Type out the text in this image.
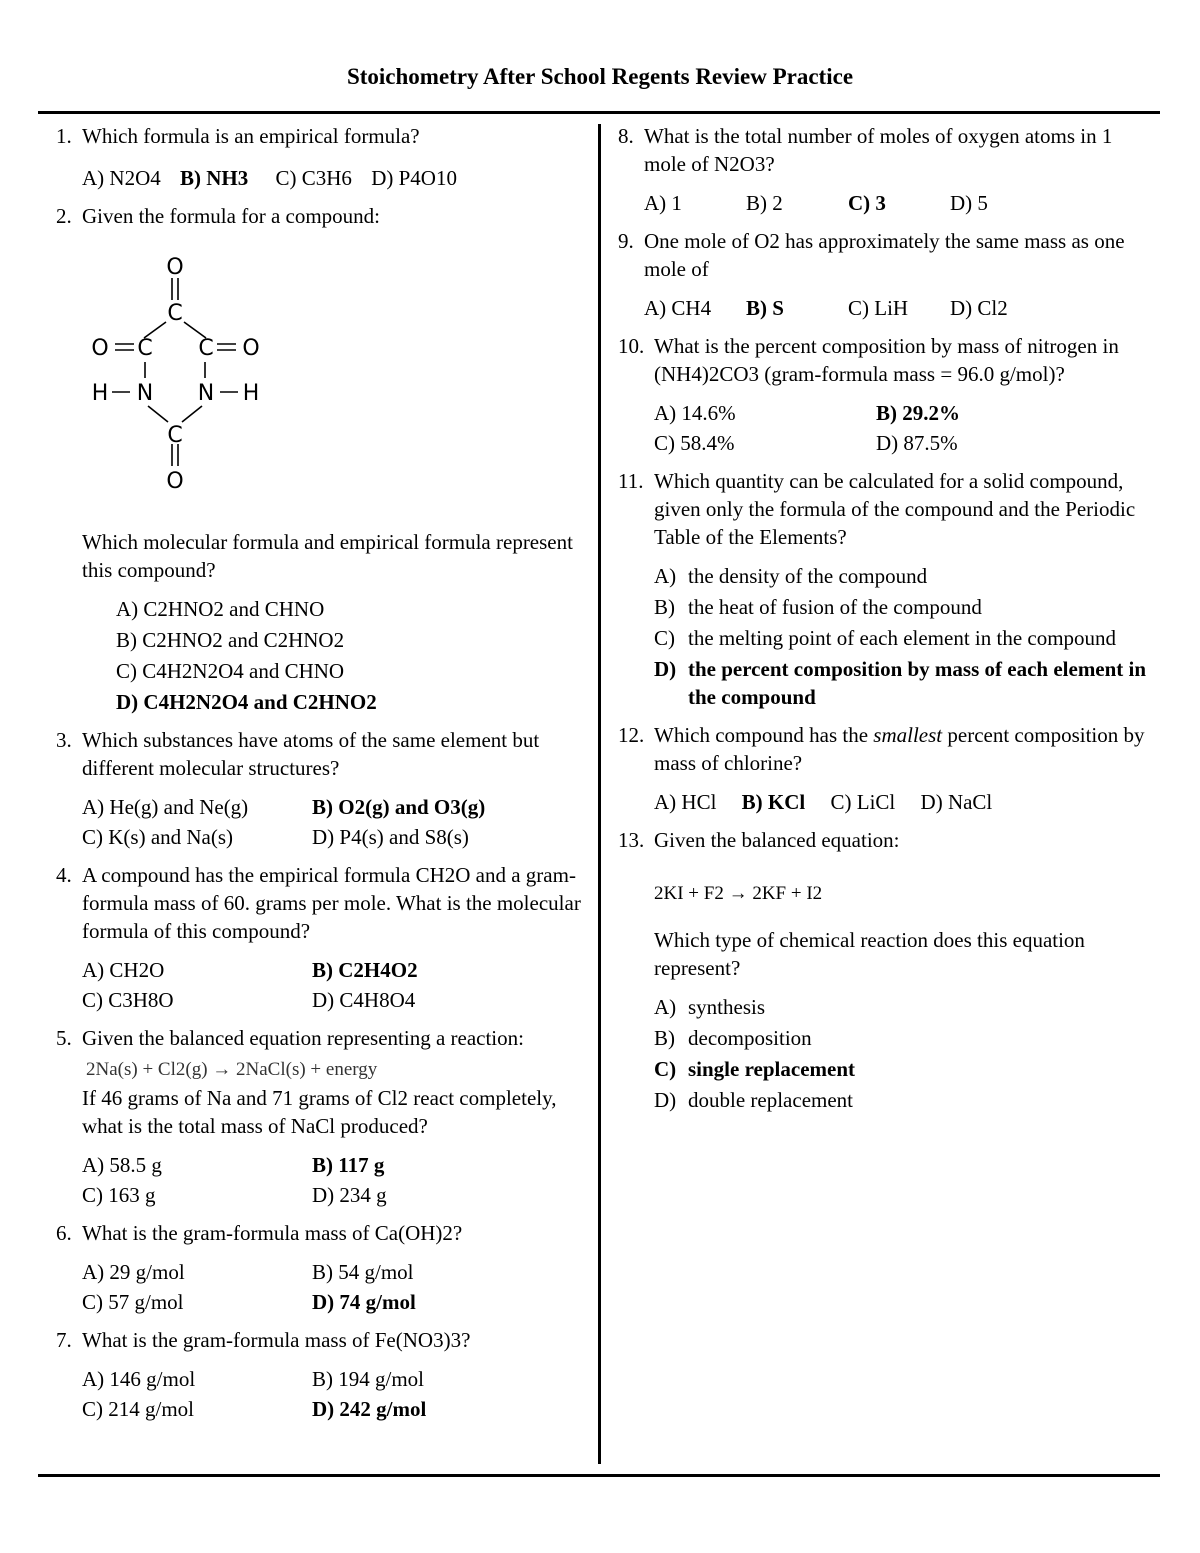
Stoichometry After School Regents Review Practice
1. Which formula is an empirical formula?
A) N2O4 B) NH3 C) C3H6 D) P4O10
2. Given the formula for a compound:
O
C
O C C O
H N N H
C
O
Which molecular formula and empirical formula represent this compound?
A) C2HNO2 and CHNO
B) C2HNO2 and C2HNO2
C) C4H2N2O4 and CHNO
D) C4H2N2O4 and C2HNO2
3. Which substances have atoms of the same element but different molecular structures?
A) He(g) and Ne(g)	B) O2(g) and O3(g)
C) K(s) and Na(s)	D) P4(s) and S8(s)
4. A compound has the empirical formula CH2O and a gram-formula mass of 60. grams per mole. What is the molecular formula of this compound?
A) CH2O	B) C2H4O2
C) C3H8O	D) C4H8O4
5. Given the balanced equation representing a reaction:
2Na(s) + Cl2(g) → 2NaCl(s) + energy
If 46 grams of Na and 71 grams of Cl2 react completely, what is the total mass of NaCl produced?
A) 58.5 g	B) 117 g
C) 163 g	D) 234 g
6. What is the gram-formula mass of Ca(OH)2?
A) 29 g/mol	B) 54 g/mol
C) 57 g/mol	D) 74 g/mol
7. What is the gram-formula mass of Fe(NO3)3?
A) 146 g/mol	B) 194 g/mol
C) 214 g/mol	D) 242 g/mol
8. What is the total number of moles of oxygen atoms in 1 mole of N2O3?
A) 1	B) 2	C) 3	D) 5
9. One mole of O2 has approximately the same mass as one mole of
A) CH4 B) S	C) LiH D) Cl2
10. What is the percent composition by mass of nitrogen in (NH4)2CO3 (gram-formula mass = 96.0 g/mol)?
A) 14.6%	B) 29.2%
C) 58.4%	D) 87.5%
11. Which quantity can be calculated for a solid compound, given only the formula of the compound and the Periodic Table of the Elements?
A) the density of the compound
B) the heat of fusion of the compound
C) the melting point of each element in the compound
D) the percent composition by mass of each element in the compound
12. Which compound has the smallest percent composition by mass of chlorine?
A) HCl B) KCl C) LiCl D) NaCl
13. Given the balanced equation:
2KI + F2 → 2KF + I2
Which type of chemical reaction does this equation represent?
A) synthesis
B) decomposition
C) single replacement
D) double replacement
